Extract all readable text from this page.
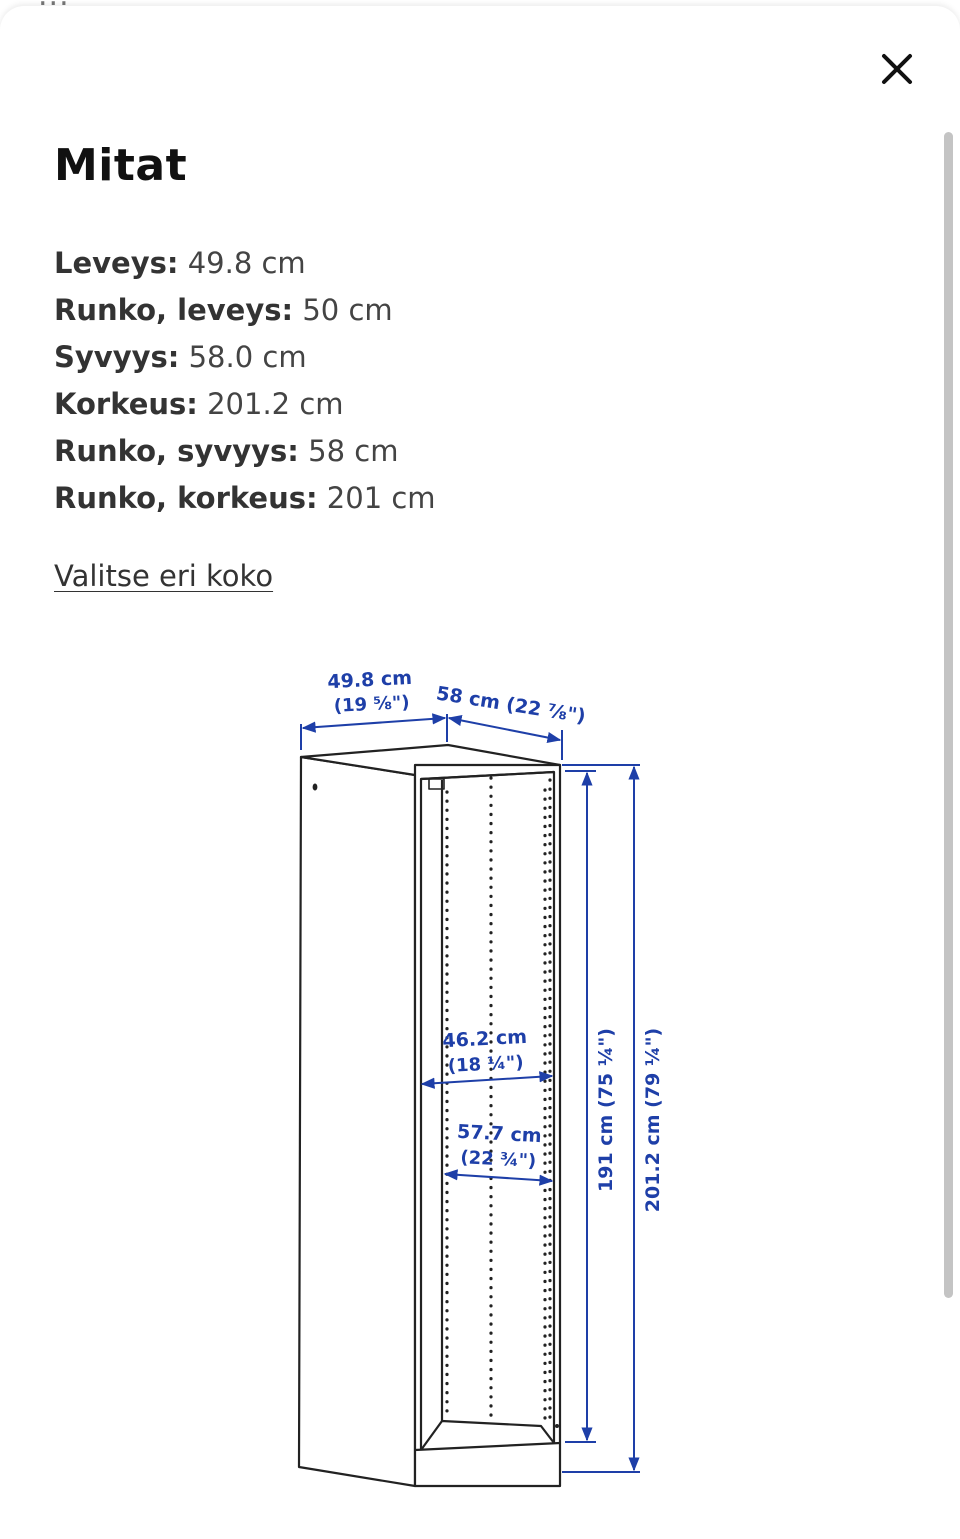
Mitat
Leveys: 49.8 cm
Runko, leveys: 50 cm
Syvyys: 58.0 cm
Korkeus: 201.2 cm
Runko, syvyys: 58 cm
Runko, korkeus: 201 cm
Valitse eri koko
49.8 cm
(19 ⅝") 58 cm (22 ⅞")
46.2 cm
(18 ¼")
57.7 cm
(22 ¾")	191 cm (75 ¼") 201.2 cm (79 ¼")
